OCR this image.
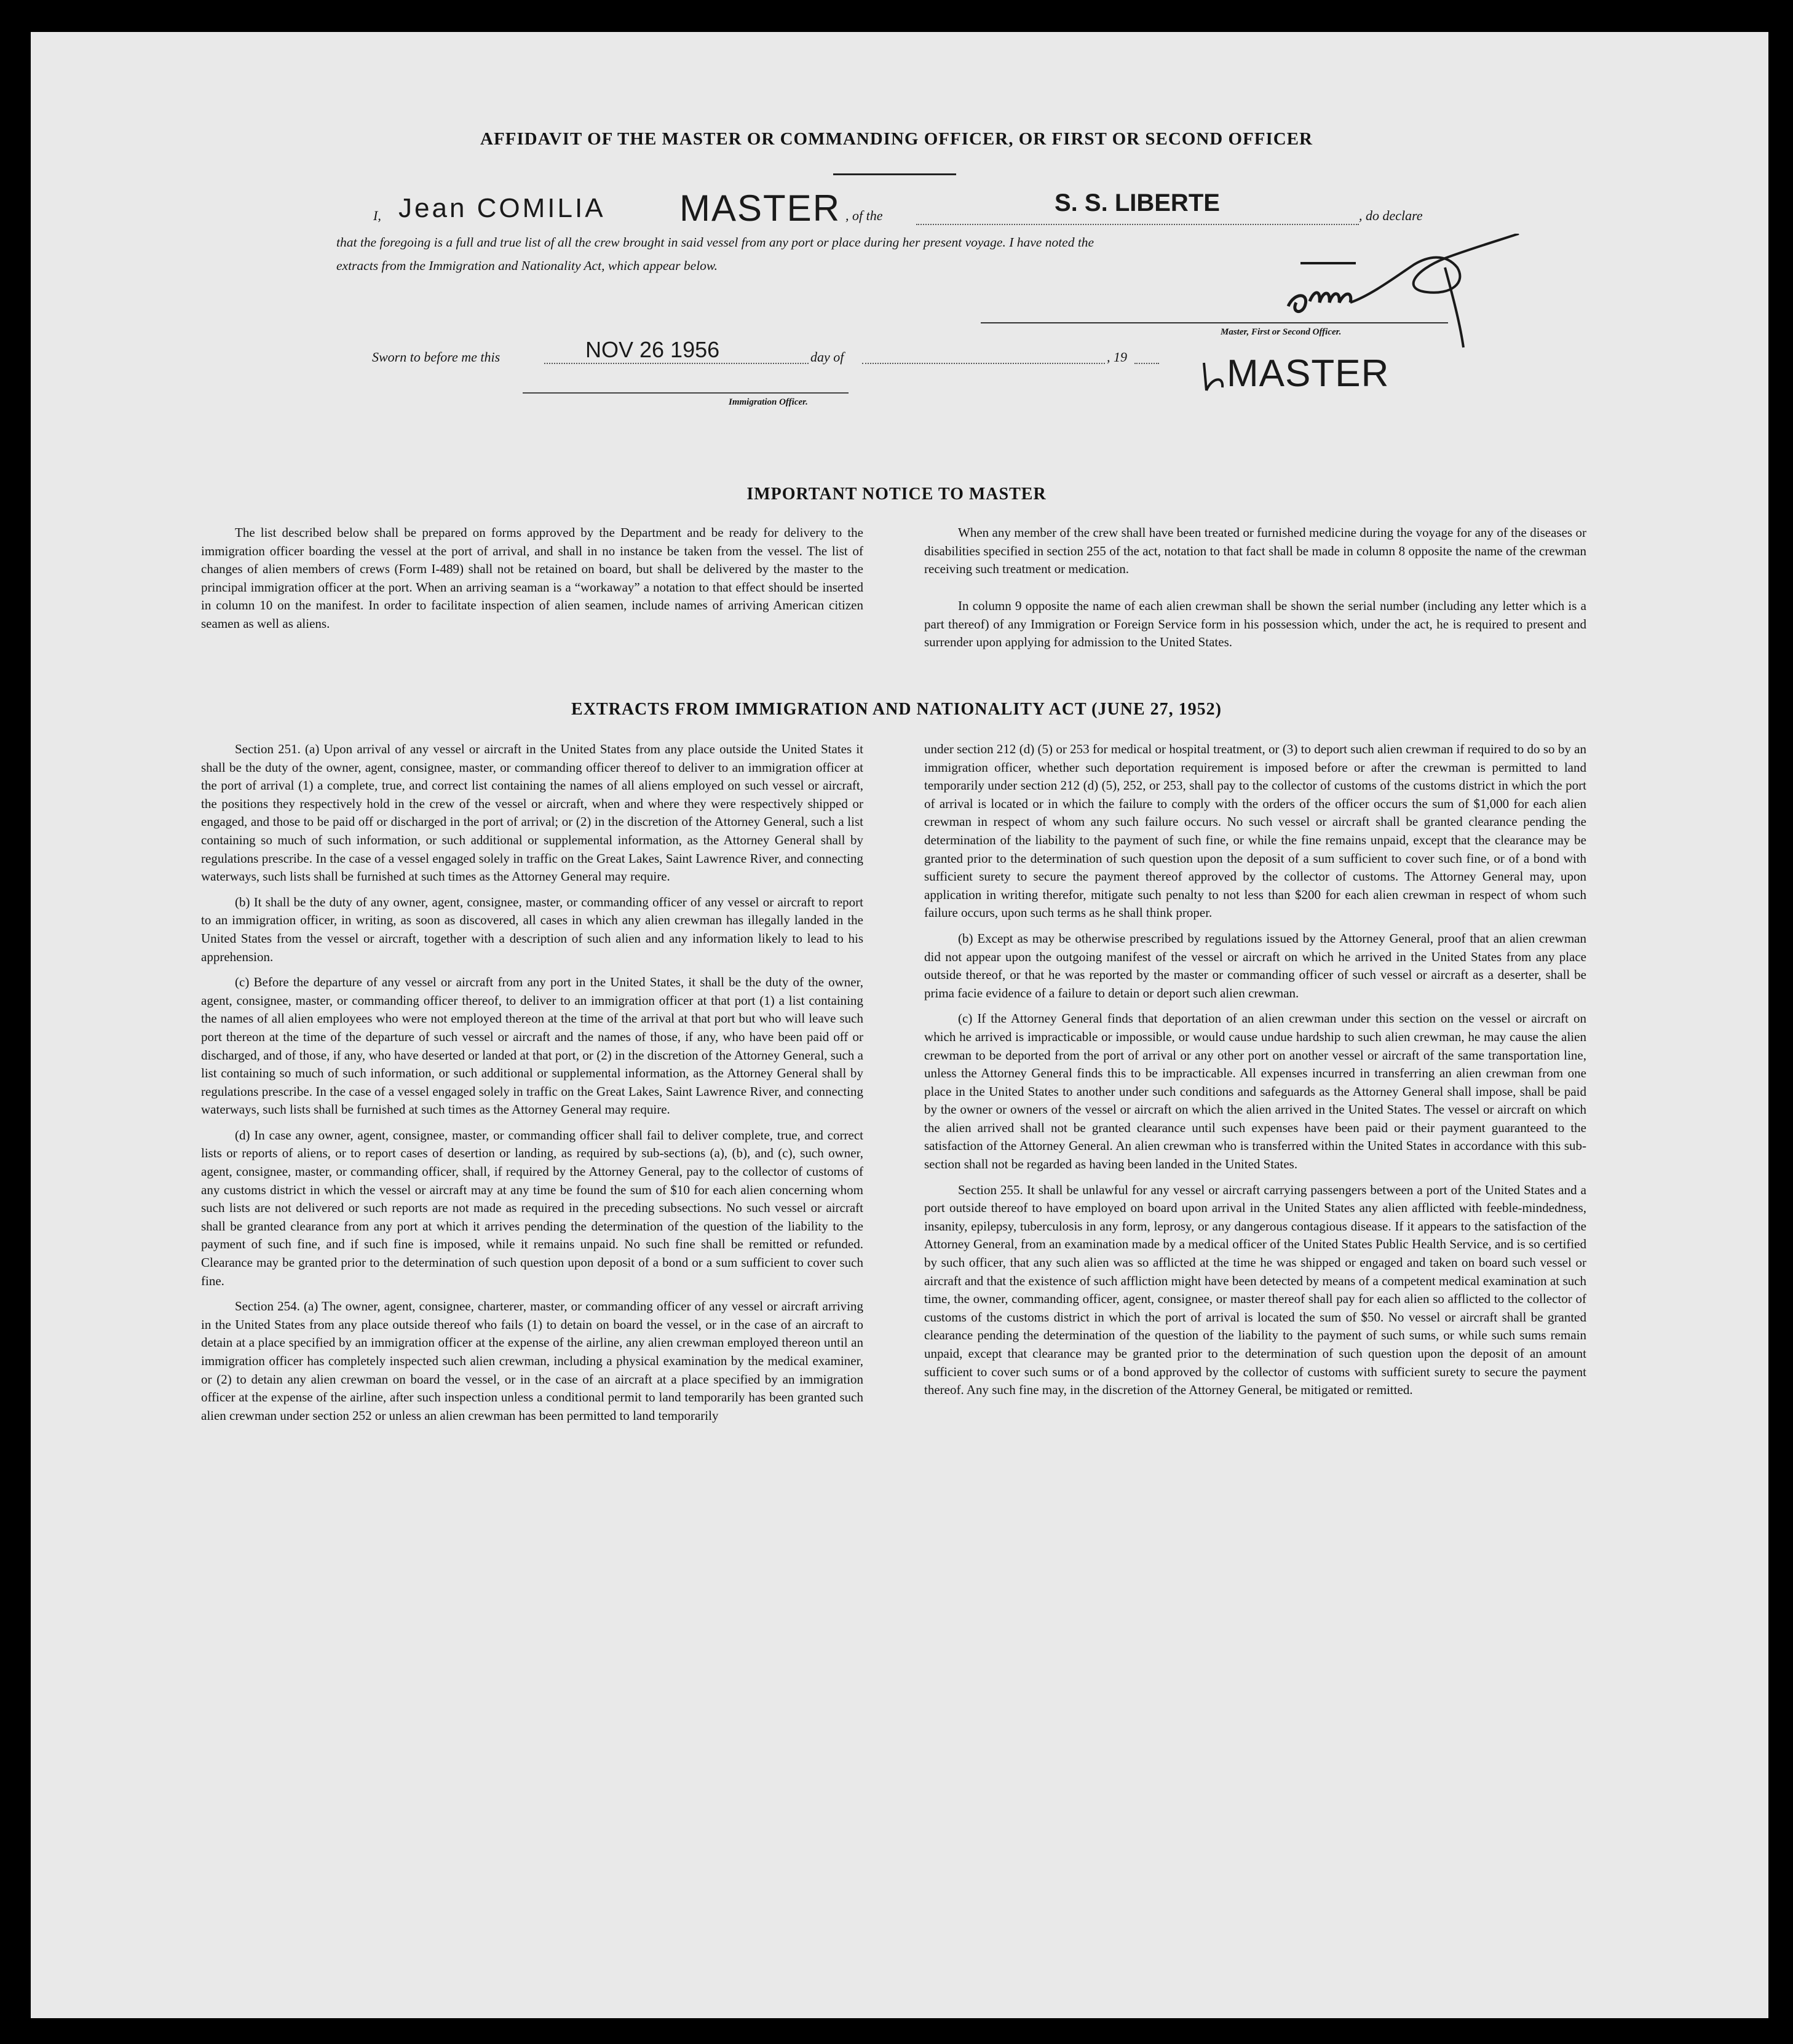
AFFIDAVIT OF THE MASTER OR COMMANDING OFFICER, OR FIRST OR SECOND OFFICER
I, Jean COMILIA MASTER , of the	S. S. LIBERTE	, do declare
that the foregoing is a full and true list of all the crew brought in said vessel from any port or place during her present voyage. I have noted the
extracts from the Immigration and Nationality Act, which appear below.
Master, First or Second Officer.
Sworn to before me this	NOV 26 1956	day of	, 19	MASTER
Immigration Officer.
IMPORTANT NOTICE TO MASTER
The list described below shall be prepared on forms approved by the Department and be ready for delivery to the immigration officer boarding the vessel at the port of arrival, and shall in no instance be taken from the vessel. The list of changes of alien members of crews (Form I-489) shall not be retained on board, but shall be delivered by the master to the principal immigration officer at the port. When an arriving seaman is a “workaway” a notation to that effect should be inserted in column 10 on the manifest. In order to facilitate inspection of alien seamen, include names of arriving American citizen seamen as well as aliens.
When any member of the crew shall have been treated or furnished medicine during the voyage for any of the diseases or disabilities specified in section 255 of the act, notation to that fact shall be made in column 8 opposite the name of the crewman receiving such treatment or medication.
In column 9 opposite the name of each alien crewman shall be shown the serial number (including any letter which is a part thereof) of any Immigration or Foreign Service form in his possession which, under the act, he is required to present and surrender upon applying for admission to the United States.
EXTRACTS FROM IMMIGRATION AND NATIONALITY ACT (JUNE 27, 1952)

Section 251. (a) Upon arrival of any vessel or aircraft in the United States from any place outside the United States it shall be the duty of the owner, agent, consignee, master, or commanding officer thereof to deliver to an immigration officer at the port of arrival (1) a complete, true, and correct list containing the names of all aliens employed on such vessel or aircraft, the positions they respectively hold in the crew of the vessel or aircraft, when and where they were respectively shipped or engaged, and those to be paid off or discharged in the port of arrival; or (2) in the discretion of the Attorney General, such a list containing so much of such information, or such additional or supplemental information, as the Attorney General shall by regulations prescribe. In the case of a vessel engaged solely in traffic on the Great Lakes, Saint Lawrence River, and connecting waterways, such lists shall be furnished at such times as the Attorney General may require.

(b) It shall be the duty of any owner, agent, consignee, master, or commanding officer of any vessel or aircraft to report to an immigration officer, in writing, as soon as discovered, all cases in which any alien crewman has illegally landed in the United States from the vessel or aircraft, together with a description of such alien and any information likely to lead to his apprehension.

(c) Before the departure of any vessel or aircraft from any port in the United States, it shall be the duty of the owner, agent, consignee, master, or commanding officer thereof, to deliver to an immigration officer at that port (1) a list containing the names of all alien employees who were not employed thereon at the time of the arrival at that port but who will leave such port thereon at the time of the departure of such vessel or aircraft and the names of those, if any, who have been paid off or discharged, and of those, if any, who have deserted or landed at that port, or (2) in the discretion of the Attorney General, such a list containing so much of such information, or such additional or supplemental information, as the Attorney General shall by regulations prescribe. In the case of a vessel engaged solely in traffic on the Great Lakes, Saint Lawrence River, and connecting waterways, such lists shall be furnished at such times as the Attorney General may require.

(d) In case any owner, agent, consignee, master, or commanding officer shall fail to deliver complete, true, and correct lists or reports of aliens, or to report cases of desertion or landing, as required by sub-sections (a), (b), and (c), such owner, agent, consignee, master, or commanding officer, shall, if required by the Attorney General, pay to the collector of customs of any customs district in which the vessel or aircraft may at any time be found the sum of $10 for each alien concerning whom such lists are not delivered or such reports are not made as required in the preceding subsections. No such vessel or aircraft shall be granted clearance from any port at which it arrives pending the determination of the question of the liability to the payment of such fine, and if such fine is imposed, while it remains unpaid. No such fine shall be remitted or refunded. Clearance may be granted prior to the determination of such question upon deposit of a bond or a sum sufficient to cover such fine.

Section 254. (a) The owner, agent, consignee, charterer, master, or commanding officer of any vessel or aircraft arriving in the United States from any place outside thereof who fails (1) to detain on board the vessel, or in the case of an aircraft to detain at a place specified by an immigration officer at the expense of the airline, any alien crewman employed thereon until an immigration officer has completely inspected such alien crewman, including a physical examination by the medical examiner, or (2) to detain any alien crewman on board the vessel, or in the case of an aircraft at a place specified by an immigration officer at the expense of the airline, after such inspection unless a conditional permit to land temporarily has been granted such alien crewman under section 252 or unless an alien crewman has been permitted to land temporarily

under section 212 (d) (5) or 253 for medical or hospital treatment, or (3) to deport such alien crewman if required to do so by an immigration officer, whether such deportation requirement is imposed before or after the crewman is permitted to land temporarily under section 212 (d) (5), 252, or 253, shall pay to the collector of customs of the customs district in which the port of arrival is located or in which the failure to comply with the orders of the officer occurs the sum of $1,000 for each alien crewman in respect of whom any such failure occurs. No such vessel or aircraft shall be granted clearance pending the determination of the liability to the payment of such fine, or while the fine remains unpaid, except that the clearance may be granted prior to the determination of such question upon the deposit of a sum sufficient to cover such fine, or of a bond with sufficient surety to secure the payment thereof approved by the collector of customs. The Attorney General may, upon application in writing therefor, mitigate such penalty to not less than $200 for each alien crewman in respect of whom such failure occurs, upon such terms as he shall think proper.

(b) Except as may be otherwise prescribed by regulations issued by the Attorney General, proof that an alien crewman did not appear upon the outgoing manifest of the vessel or aircraft on which he arrived in the United States from any place outside thereof, or that he was reported by the master or commanding officer of such vessel or aircraft as a deserter, shall be prima facie evidence of a failure to detain or deport such alien crewman.

(c) If the Attorney General finds that deportation of an alien crewman under this section on the vessel or aircraft on which he arrived is impracticable or impossible, or would cause undue hardship to such alien crewman, he may cause the alien crewman to be deported from the port of arrival or any other port on another vessel or aircraft of the same transportation line, unless the Attorney General finds this to be impracticable. All expenses incurred in transferring an alien crewman from one place in the United States to another under such conditions and safeguards as the Attorney General shall impose, shall be paid by the owner or owners of the vessel or aircraft on which the alien arrived in the United States. The vessel or aircraft on which the alien arrived shall not be granted clearance until such expenses have been paid or their payment guaranteed to the satisfaction of the Attorney General. An alien crewman who is transferred within the United States in accordance with this sub-section shall not be regarded as having been landed in the United States.

Section 255. It shall be unlawful for any vessel or aircraft carrying passengers between a port of the United States and a port outside thereof to have employed on board upon arrival in the United States any alien afflicted with feeble-mindedness, insanity, epilepsy, tuberculosis in any form, leprosy, or any dangerous contagious disease. If it appears to the satisfaction of the Attorney General, from an examination made by a medical officer of the United States Public Health Service, and is so certified by such officer, that any such alien was so afflicted at the time he was shipped or engaged and taken on board such vessel or aircraft and that the existence of such affliction might have been detected by means of a competent medical examination at such time, the owner, commanding officer, agent, consignee, or master thereof shall pay for each alien so afflicted to the collector of customs of the customs district in which the port of arrival is located the sum of $50. No vessel or aircraft shall be granted clearance pending the determination of the question of the liability to the payment of such sums, or while such sums remain unpaid, except that clearance may be granted prior to the determination of such question upon the deposit of an amount sufficient to cover such sums or of a bond approved by the collector of customs with sufficient surety to secure the payment thereof. Any such fine may, in the discretion of the Attorney General, be mitigated or remitted.
